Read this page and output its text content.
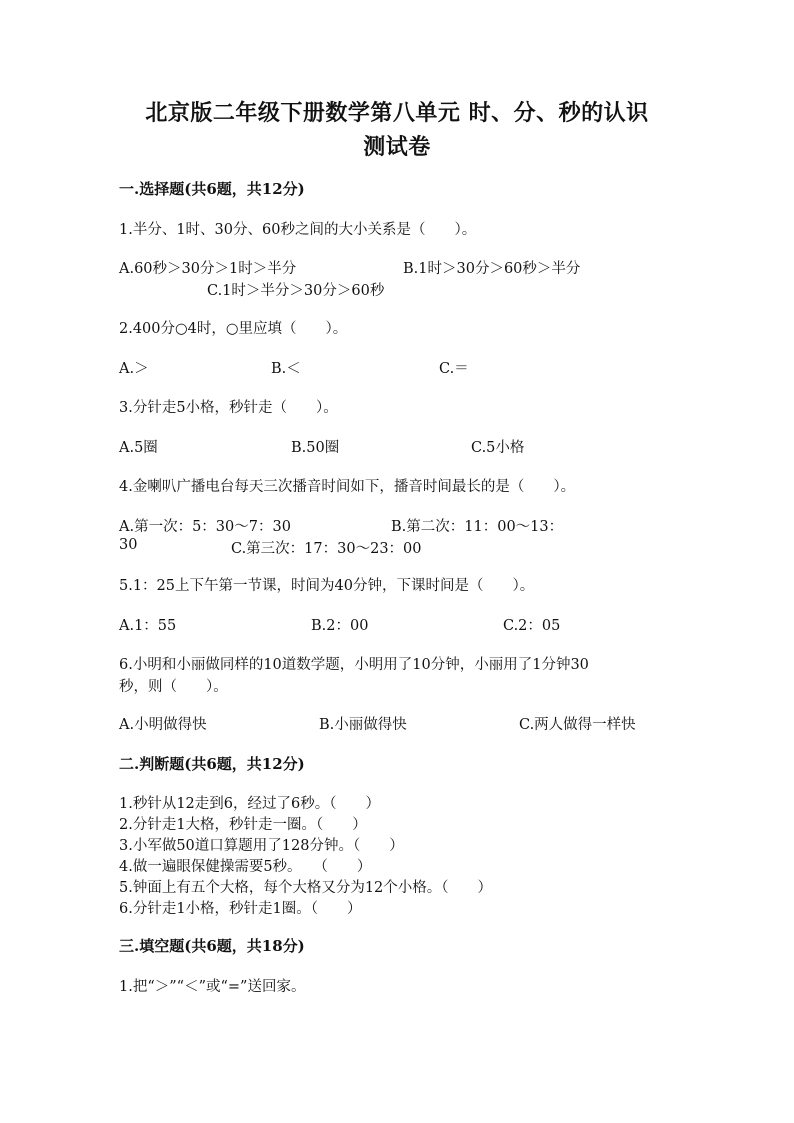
北京版二年级下册数学第八单元 时、分、秒的认识
测试卷
一.选择题(共6题，共12分)
1.半分、1时、30分、60秒之间的大小关系是（　　）。
A.60秒＞30分＞1时＞半分	B.1时＞30分＞60秒＞半分
C.1时＞半分＞30分＞60秒
2.400分○4时，○里应填（　　）。
A.＞	B.＜	C.＝
3.分针走5小格，秒针走（　　）。
A.5圈	B.50圈	C.5小格
4.金喇叭广播电台每天三次播音时间如下，播音时间最长的是（　　）。
A.第一次：5：30～7：30	B.第二次：11：00～13：
30	C.第三次：17：30～23：00
5.1：25上下午第一节课，时间为40分钟，下课时间是（　　）。
A.1：55	B.2：00	C.2：05
6.小明和小丽做同样的10道数学题，小明用了10分钟，小丽用了1分钟30
秒，则（　　）。
A.小明做得快	B.小丽做得快	C.两人做得一样快
二.判断题(共6题，共12分)
1.秒针从12走到6，经过了6秒。（　　）
2.分针走1大格，秒针走一圈。（　　）
3.小军做50道口算题用了128分钟。（　　）
4.做一遍眼保健操需要5秒。　 （　　）
5.钟面上有五个大格，每个大格又分为12个小格。（　　）
6.分针走1小格，秒针走1圈。（　　）
三.填空题(共6题，共18分)
1.把“＞”“＜”或“=”送回家。
